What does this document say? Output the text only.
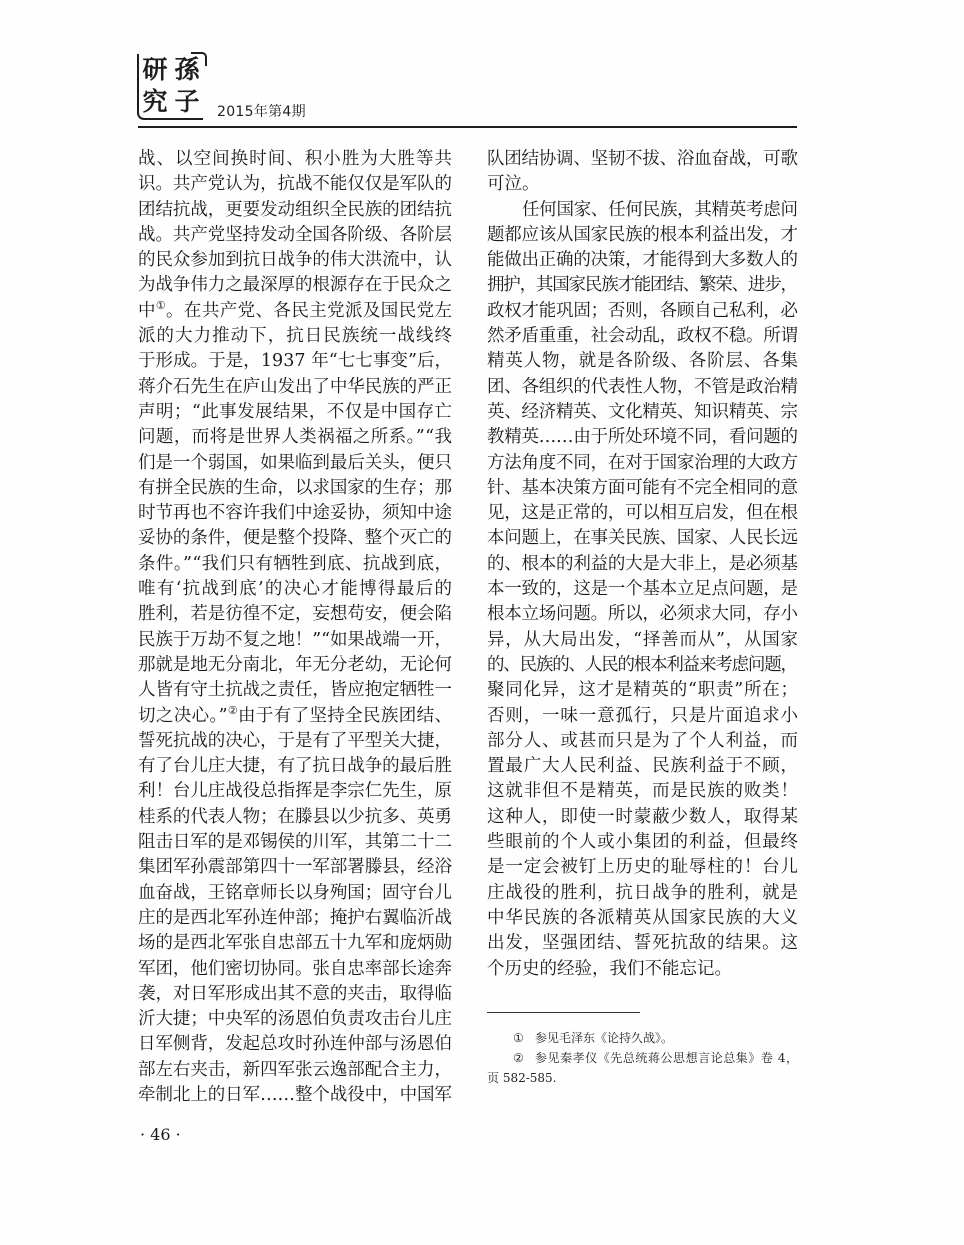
研 孫
究 子 2015年第4期
战、以空间换时间、积小胜为大胜等共
识。共产党认为，抗战不能仅仅是军队的
团结抗战，更要发动组织全民族的团结抗
战。共产党坚持发动全国各阶级、各阶层
的民众参加到抗日战争的伟大洪流中，认
为战争伟力之最深厚的根源存在于民众之
中①。在共产党、各民主党派及国民党左
派的大力推动下，抗日民族统一战线终
于形成。于是，1937 年“七七事变”后，
蒋介石先生在庐山发出了中华民族的严正
声明；“此事发展结果，不仅是中国存亡
问题，而将是世界人类祸福之所系。”“我
们是一个弱国，如果临到最后关头，便只
有拼全民族的生命，以求国家的生存；那
时节再也不容许我们中途妥协，须知中途
妥协的条件，便是整个投降、整个灭亡的
条件。”“我们只有牺牲到底、抗战到底，
唯有‘抗战到底’的决心才能博得最后的
胜利，若是彷徨不定，妄想苟安，便会陷
民族于万劫不复之地！”“如果战端一开，
那就是地无分南北，年无分老幼，无论何
人皆有守土抗战之责任，皆应抱定牺牲一
切之决心。”②由于有了坚持全民族团结、
誓死抗战的决心，于是有了平型关大捷，
有了台儿庄大捷，有了抗日战争的最后胜
利！台儿庄战役总指挥是李宗仁先生，原
桂系的代表人物；在滕县以少抗多、英勇
阻击日军的是邓锡侯的川军，其第二十二
集团军孙震部第四十一军部署滕县，经浴
血奋战，王铭章师长以身殉国；固守台儿
庄的是西北军孙连仲部；掩护右翼临沂战
场的是西北军张自忠部五十九军和庞炳勋
军团，他们密切协同。张自忠率部长途奔
袭，对日军形成出其不意的夹击，取得临
沂大捷；中央军的汤恩伯负责攻击台儿庄
日军侧背，发起总攻时孙连仲部与汤恩伯
部左右夹击，新四军张云逸部配合主力，
牵制北上的日军……整个战役中，中国军
队团结协调、坚韧不拔、浴血奋战，可歌
可泣。
任何国家、任何民族，其精英考虑问
题都应该从国家民族的根本利益出发，才
能做出正确的决策，才能得到大多数人的
拥护，其国家民族才能团结、繁荣、进步，
政权才能巩固；否则，各顾自己私利，必
然矛盾重重，社会动乱，政权不稳。所谓
精英人物，就是各阶级、各阶层、各集
团、各组织的代表性人物，不管是政治精
英、经济精英、文化精英、知识精英、宗
教精英……由于所处环境不同，看问题的
方法角度不同，在对于国家治理的大政方
针、基本决策方面可能有不完全相同的意
见，这是正常的，可以相互启发，但在根
本问题上，在事关民族、国家、人民长远
的、根本的利益的大是大非上，是必须基
本一致的，这是一个基本立足点问题，是
根本立场问题。所以，必须求大同，存小
异，从大局出发，“择善而从”，从国家
的、民族的、人民的根本利益来考虑问题，
聚同化异，这才是精英的“职责”所在；
否则，一味一意孤行，只是片面追求小
部分人、或甚而只是为了个人利益，而
置最广大人民利益、民族利益于不顾，
这就非但不是精英，而是民族的败类！
这种人，即使一时蒙蔽少数人，取得某
些眼前的个人或小集团的利益，但最终
是一定会被钉上历史的耻辱柱的！台儿
庄战役的胜利，抗日战争的胜利，就是
中华民族的各派精英从国家民族的大义
出发，坚强团结、誓死抗敌的结果。这
个历史的经验，我们不能忘记。
① 参见毛泽东《论持久战》。
② 参见秦孝仪《先总统蒋公思想言论总集》卷 4，
页 582-585.
· 46 ·
